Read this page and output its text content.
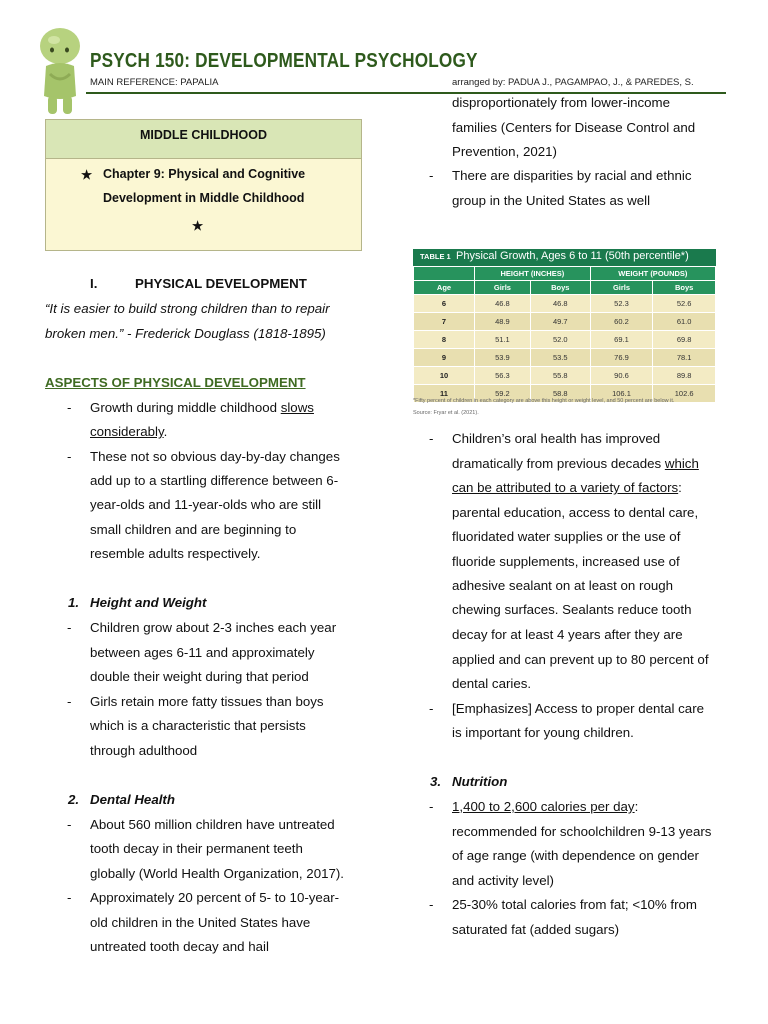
PSYCH 150: DEVELOPMENTAL PSYCHOLOGY
MAIN REFERENCE: PAPALIA	arranged by: PADUA J., PAGAMPAO, J., & PAREDES, S.
MIDDLE CHILDHOOD
★ Chapter 9: Physical and Cognitive
Development in Middle Childhood
★
I.	PHYSICAL DEVELOPMENT
“It is easier to build strong children than to repair
broken men.” - Frederick Douglass (1818-1895)
ASPECTS OF PHYSICAL DEVELOPMENT
- Growth during middle childhood slows
considerably.
- These not so obvious day-by-day changes
add up to a startling difference between 6-
year-olds and 11-year-olds who are still
small children and are beginning to
resemble adults respectively.
1. Height and Weight
- Children grow about 2-3 inches each year
between ages 6-11 and approximately
double their weight during that period
- Girls retain more fatty tissues than boys
which is a characteristic that persists
through adulthood
2. Dental Health
- About 560 million children have untreated
tooth decay in their permanent teeth
globally (World Health Organization, 2017).
- Approximately 20 percent of 5- to 10-year-
old children in the United States have
untreated tooth decay and hail
disproportionately from lower-income
families (Centers for Disease Control and
Prevention, 2021)
- There are disparities by racial and ethnic
group in the United States as well
TABLE 1 Physical Growth, Ages 6 to 11 (50th percentile*)
	HEIGHT (INCHES)		WEIGHT (POUNDS)	
Age	Girls	Boys	Girls	Boys
6	46.8	46.8	52.3	52.6
7	48.9	49.7	60.2	61.0
8	51.1	52.0	69.1	69.8
9	53.9	53.5	76.9	78.1
10	56.3	55.8	90.6	89.8
11	59.2	58.8	106.1	102.6
*Fifty percent of children in each category are above this height or weight level, and 50 percent are below it.
Source: Fryar et al. (2021).
- Children’s oral health has improved
dramatically from previous decades which
can be attributed to a variety of factors:
parental education, access to dental care,
fluoridated water supplies or the use of
fluoride supplements, increased use of
adhesive sealant on at least on rough
chewing surfaces. Sealants reduce tooth
decay for at least 4 years after they are
applied and can prevent up to 80 percent of
dental caries.
- [Emphasizes] Access to proper dental care
is important for young children.
3. Nutrition
- 1,400 to 2,600 calories per day:
recommended for schoolchildren 9-13 years
of age range (with dependence on gender
and activity level)
- 25-30% total calories from fat; <10% from
saturated fat (added sugars)
